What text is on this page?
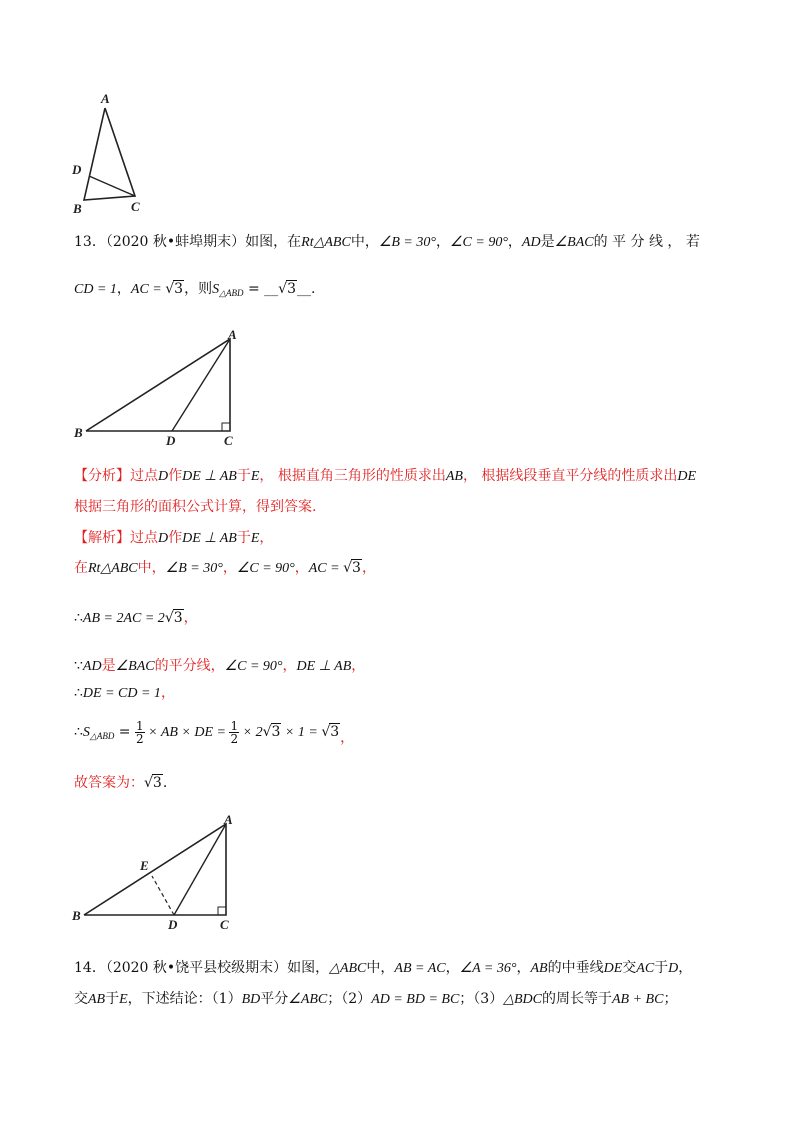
A
D
B	C
13．（2020 秋•蚌埠期末）如图，在Rt△ABC中，∠B = 30°，∠C = 90°，AD是∠BAC的 平 分 线 ， 若
CD = 1，AC = √3，则$S_{\triangle ABD}$ = __√3__.
A
B
D	C
【分析】过点D作DE ⊥ AB于E， 根据直角三角形的性质求出AB， 根据线段垂直平分线的性质求出DE
根据三角形的面积公式计算，得到答案.
【解析】过点D作DE ⊥ AB于E，
在Rt△ABC中，∠B = 30°，∠C = 90°，AC = √3，
∴AB = 2AC = 2√3，
∵AD是∠BAC的平分线，∠C = 90°，DE ⊥ AB，
∴DE = CD = 1，
$\therefore S_{\triangle ABD} = \frac{1}{2}$ × AB × DE = $\frac{1}{2} \times 2√3 \times 1 = √3$，
故答案为：√3.
A
E
B
D	C
14．（2020 秋•饶平县校级期末）如图，△ABC中，AB = AC，∠A = 36°，AB的中垂线DE交AC于D，
交AB于E，下述结论：（1）BD平分∠ABC；（2）AD = BD = BC；（3）△BDC的周长等于AB + BC；
